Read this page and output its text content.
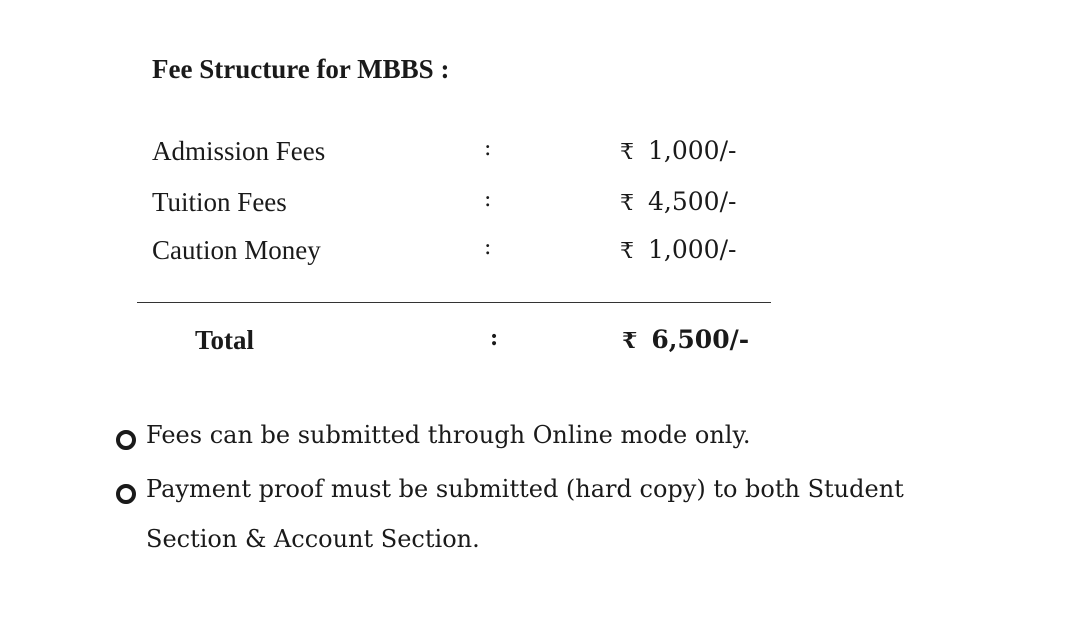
Fee Structure for MBBS :
Admission Fees	:	₹ 1,000/-
Tuition Fees	:	₹ 4,500/-
Caution Money	:	₹ 1,000/-
Total	:	₹ 6,500/-
Fees can be submitted through Online mode only.
Payment proof must be submitted (hard copy) to both Student
Section & Account Section.
